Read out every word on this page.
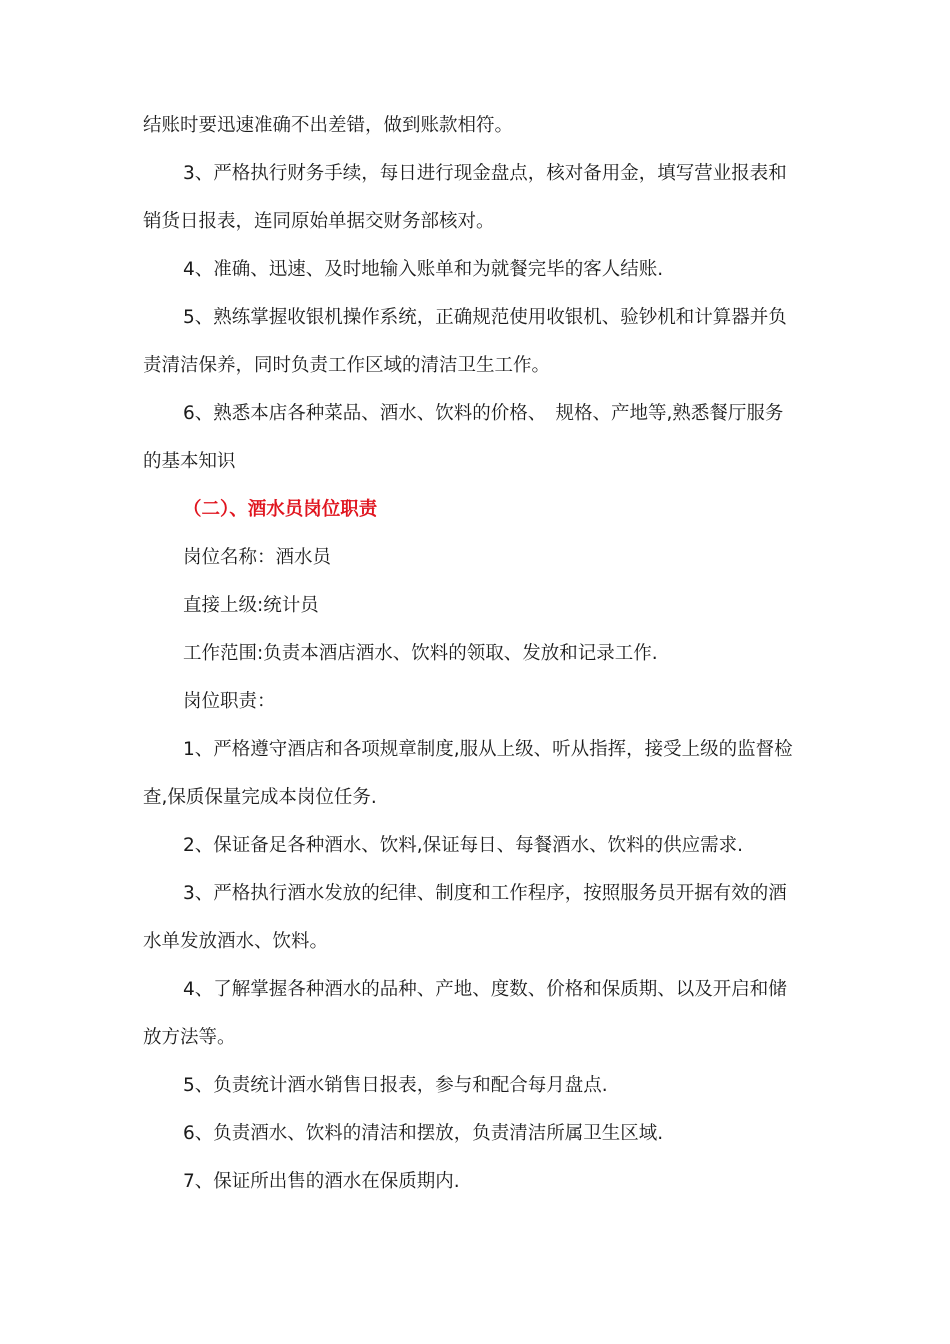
结账时要迅速准确不出差错，做到账款相符。

3、严格执行财务手续，每日进行现金盘点，核对备用金，填写营业报表和

销货日报表，连同原始单据交财务部核对。

4、准确、迅速、及时地输入账单和为就餐完毕的客人结账.

5、熟练掌握收银机操作系统，正确规范使用收银机、验钞机和计算器并负

责清洁保养，同时负责工作区域的清洁卫生工作。

6、熟悉本店各种菜品、酒水、饮料的价格、　规格、产地等,熟悉餐厅服务

的基本知识

（二）、酒水员岗位职责

岗位名称：酒水员

直接上级:统计员

工作范围:负责本酒店酒水、饮料的领取、发放和记录工作.

岗位职责：

1、严格遵守酒店和各项规章制度,服从上级、听从指挥，接受上级的监督检

查,保质保量完成本岗位任务.

2、保证备足各种酒水、饮料,保证每日、每餐酒水、饮料的供应需求.

3、严格执行酒水发放的纪律、制度和工作程序，按照服务员开据有效的酒

水单发放酒水、饮料。

4、了解掌握各种酒水的品种、产地、度数、价格和保质期、以及开启和储

放方法等。

5、负责统计酒水销售日报表，参与和配合每月盘点.

6、负责酒水、饮料的清洁和摆放，负责清洁所属卫生区域.

7、保证所出售的酒水在保质期内.
